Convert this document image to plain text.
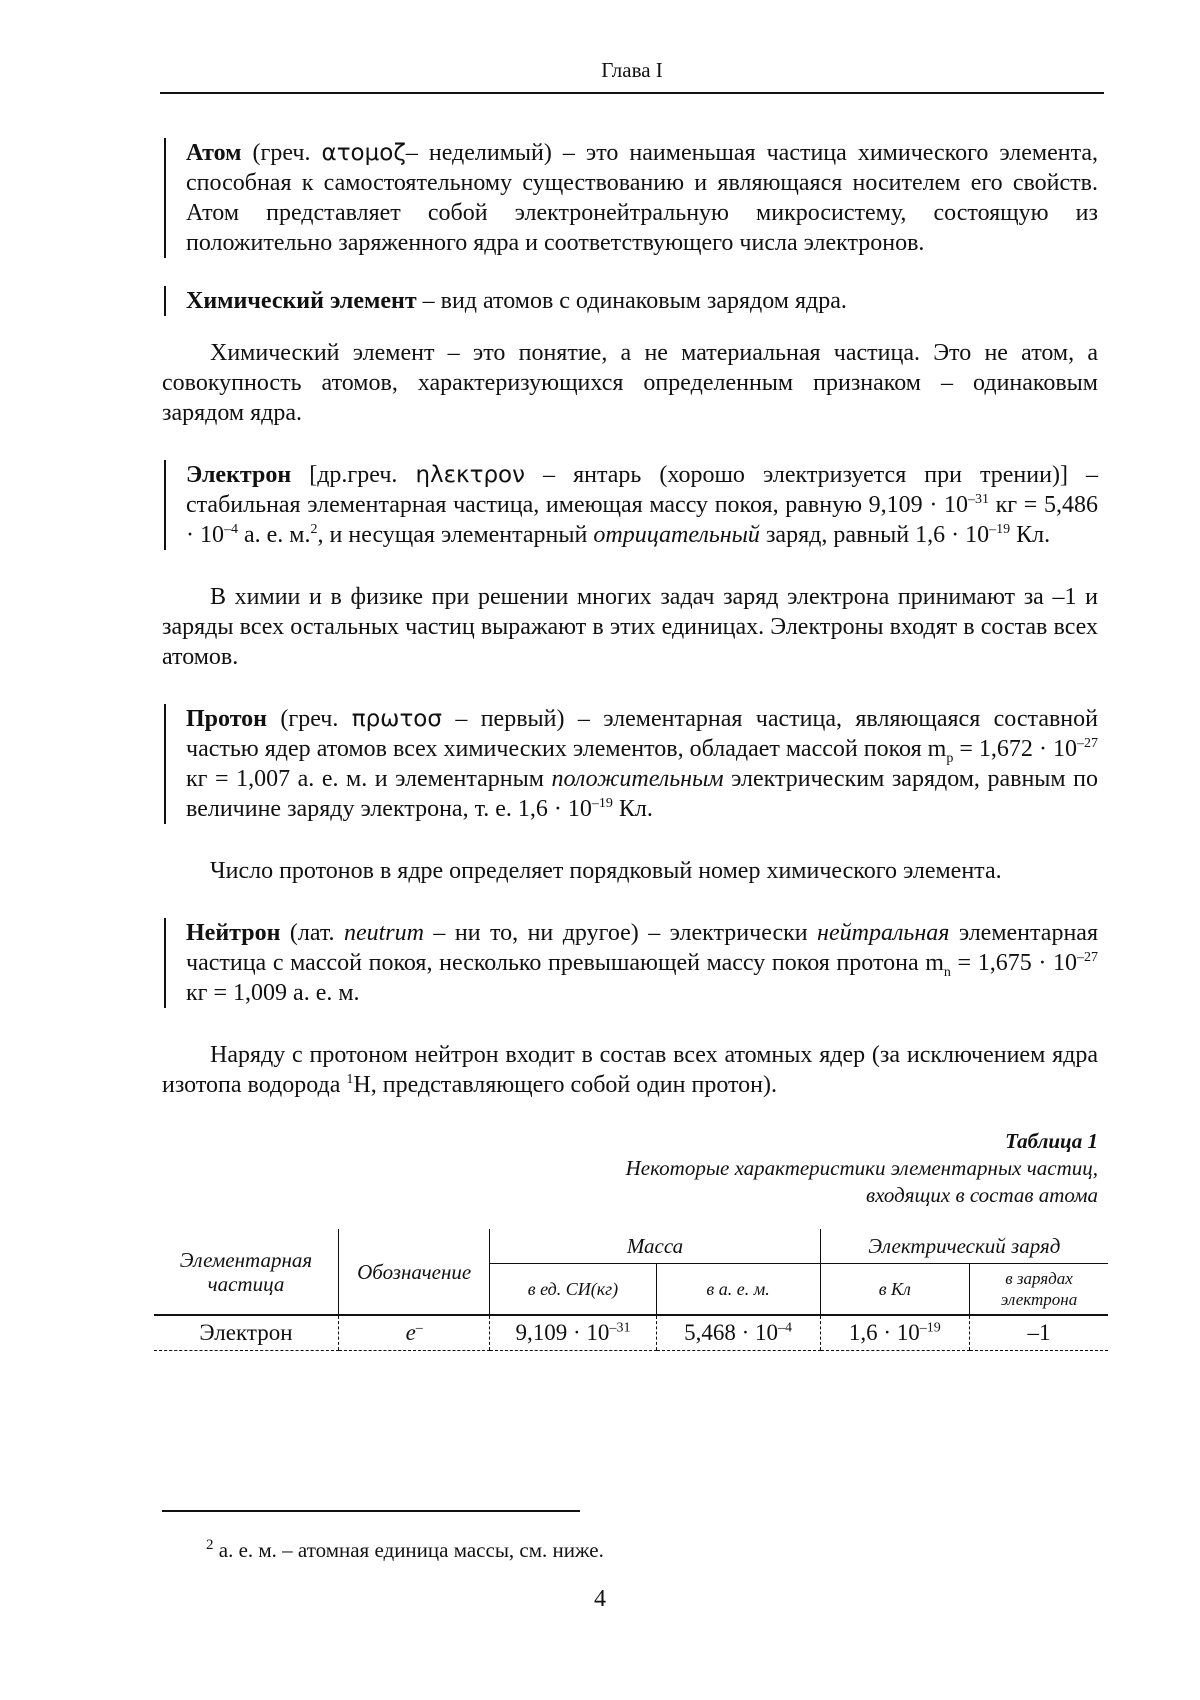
Глава I
Атом (греч. ατομοζ– неделимый) – это наименьшая частица химического элемента, способная к самостоятельному существованию и являющаяся носителем его свойств. Атом представляет собой электронейтральную микросистему, состоящую из положительно заряженного ядра и соответствующего числа электронов.
Химический элемент – вид атомов с одинаковым зарядом ядра.
Химический элемент – это понятие, а не материальная частица. Это не атом, а совокупность атомов, характеризующихся определенным признаком – одинаковым зарядом ядра.
Электрон [др.греч. ηλεκτρον – янтарь (хорошо электризуется при трении)] – стабильная элементарная частица, имеющая массу покоя, равную $9,109 \cdot 10^{-31}$ кг = $5,486 \cdot 10^{-4}$ а. е. м.$^2$, и несущая элементарный отрицательный заряд, равный $1,6 \cdot 10^{-19}$ Кл.
В химии и в физике при решении многих задач заряд электрона принимают за –1 и заряды всех остальных частиц выражают в этих единицах. Электроны входят в состав всех атомов.
Протон (греч. πρωτοσ – первый) – элементарная частица, являющаяся составной частью ядер атомов всех химических элементов, обладает массой покоя $m_p = 1,672 \cdot 10^{-27}$ кг = 1,007 а. е. м. и элементарным положительным электрическим зарядом, равным по величине заряду электрона, т. е. $1,6 \cdot 10^{-19}$ Кл.
Число протонов в ядре определяет порядковый номер химического элемента.
Нейтрон (лат. neutrum – ни то, ни другое) – электрически нейтральная элементарная частица с массой покоя, несколько превышающей массу покоя протона $m_n = 1,675 \cdot 10^{-27}$ кг = 1,009 а. е. м.
Наряду с протоном нейтрон входит в состав всех атомных ядер (за исключением ядра изотопа водорода $^1$H, представляющего собой один протон).
Таблица 1
Некоторые характеристики элементарных частиц,
входящих в состав атома
Элементарная частица	Обозначение	Масса		Электрический заряд	
		в ед. СИ(кг)	в а. е. м.	в Кл	в зарядах электрона
Электрон	e–	$9,109 \cdot 10^{-31}$	$5,468 \cdot 10^{-4}$	$1,6 \cdot 10^{-19}$	–1
$^2$ а. е. м. – атомная единица массы, см. ниже.
4
